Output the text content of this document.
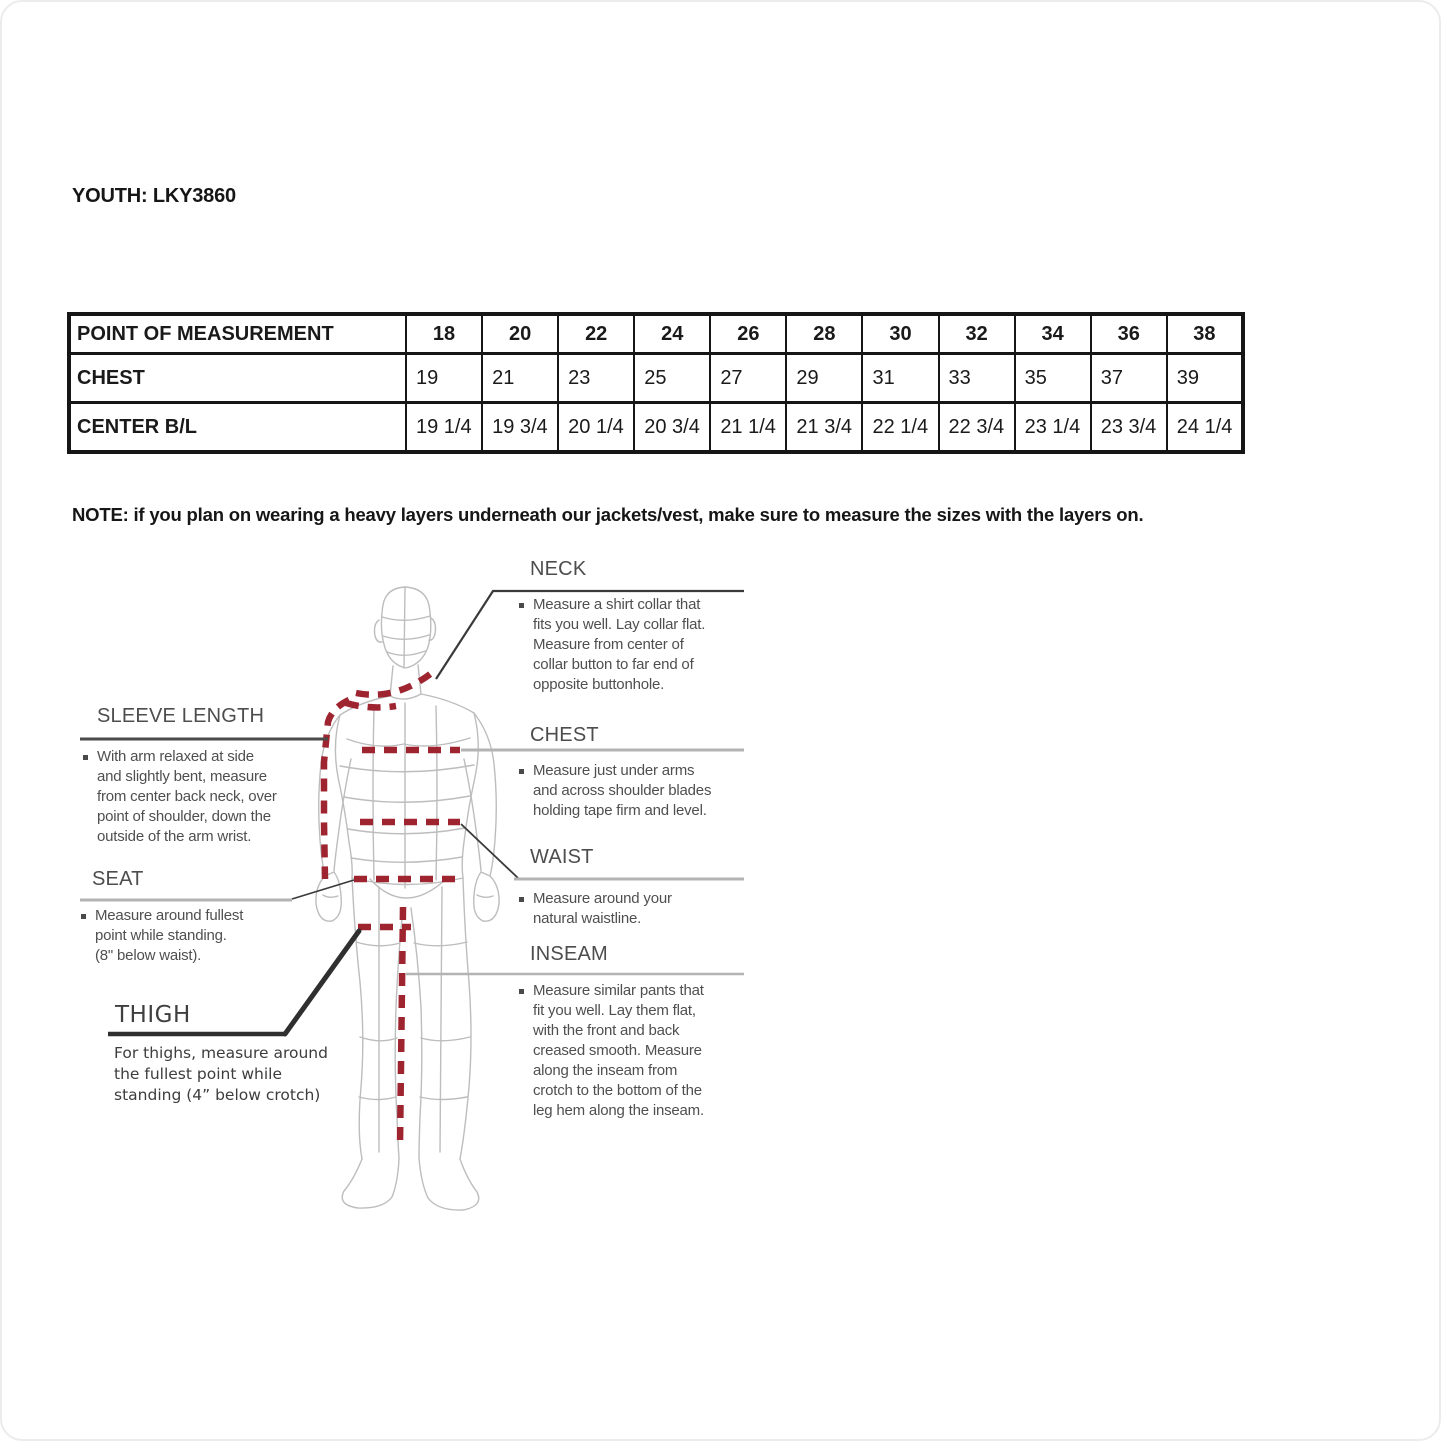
YOUTH: LKY3860
POINT OF MEASUREMENT	18	20	22	24	26	28	30	32	34	36	38
CHEST	19	21	23	25	27	29	31	33	35	37	39
CENTER B/L	19 1/4	19 3/4	20 1/4	20 3/4	21 1/4	21 3/4	22 1/4	22 3/4	23 1/4	23 3/4	24 1/4
NOTE: if you plan on wearing a heavy layers underneath our jackets/vest, make sure to measure the sizes with the layers on.
NECK
Measure a shirt collar that
fits you well. Lay collar flat.
Measure from center of
collar button to far end of
opposite buttonhole.
SLEEVE LENGTH
With arm relaxed at side
and slightly bent, measure
from center back neck, over
point of shoulder, down the
outside of the arm wrist.
CHEST
Measure just under arms
and across shoulder blades
holding tape firm and level.
WAIST
Measure around your
natural waistline.
SEAT
Measure around fullest
point while standing.
(8" below waist).	INSEAM
Measure similar pants that
fit you well. Lay them flat,
with the front and back
creased smooth. Measure
along the inseam from
crotch to the bottom of the
leg hem along the inseam.
THIGH
For thighs, measure around
the fullest point while
standing (4” below crotch)
